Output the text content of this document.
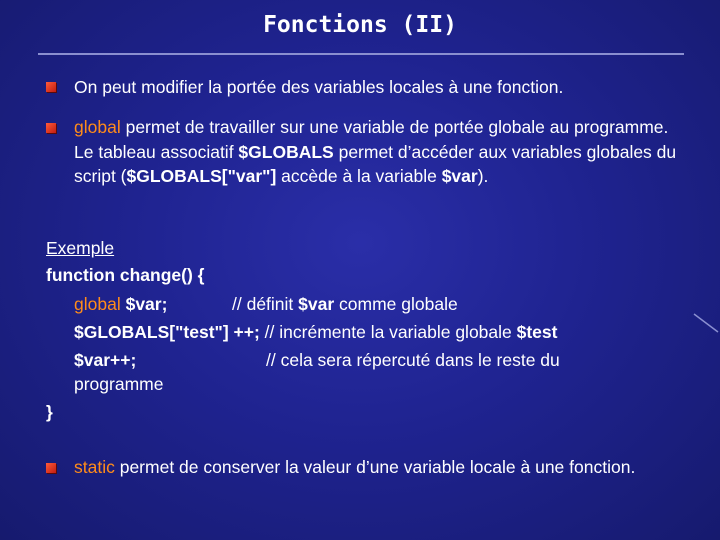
Fonctions (II)
On peut modifier la portée des variables locales à une fonction.
global permet de travailler sur une variable de portée globale au programme. Le tableau associatif $GLOBALS permet d’accéder aux variables globales du script ($GLOBALS["var"] accède à la variable $var).
Exemple
function change() {
global $var;	// définit $var comme globale
$GLOBALS["test"] ++; // incrémente la variable globale $test
$var++;	// cela sera répercuté dans le reste du
programme
}
static permet de conserver la valeur d’une variable locale à une fonction.
